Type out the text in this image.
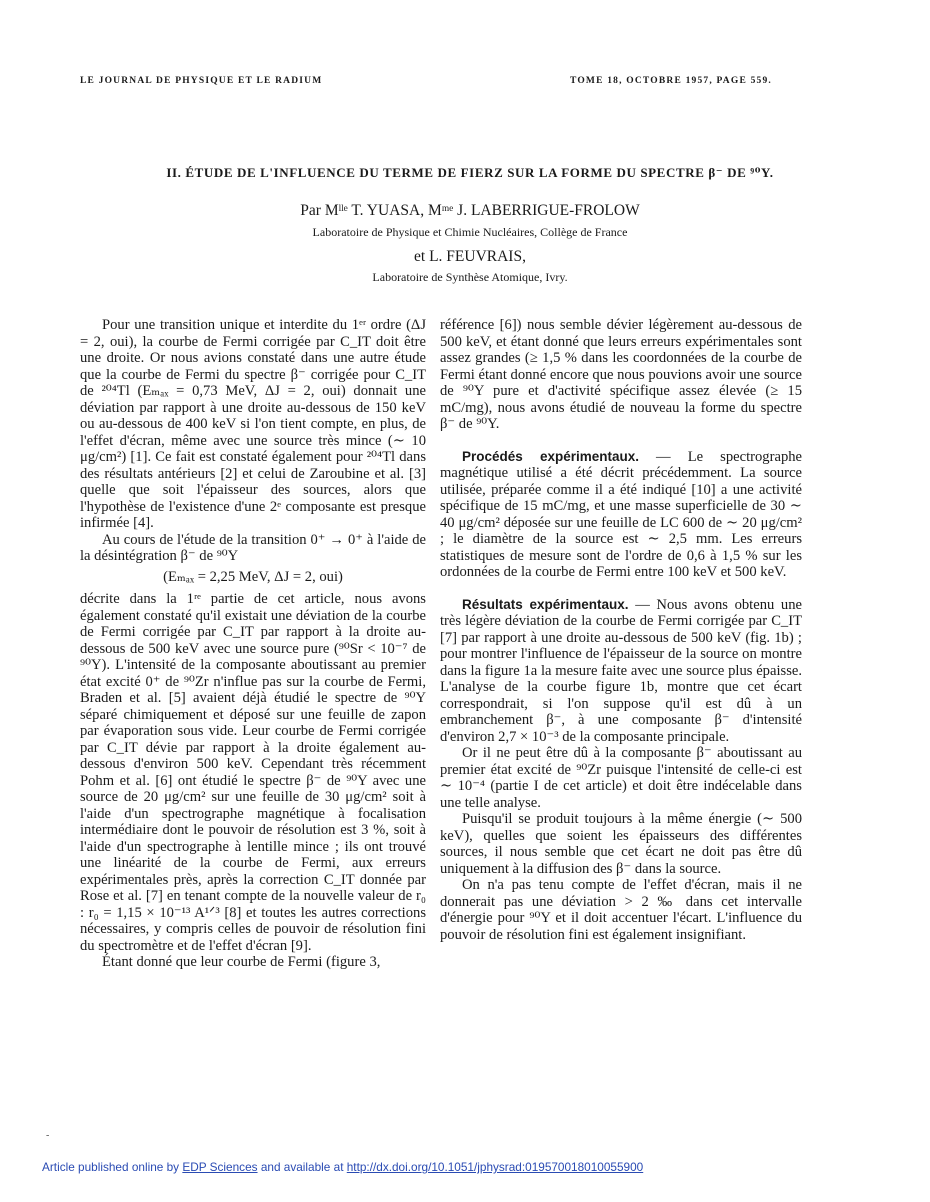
LE JOURNAL DE PHYSIQUE ET LE RADIUM	TOME 18, OCTOBRE 1957, PAGE 559.
II. ÉTUDE DE L'INFLUENCE DU TERME DE FIERZ SUR LA FORME DU SPECTRE β⁻ DE ⁹⁰Y.
Par Mˡˡᵉ T. YUASA, Mᵐᵉ J. LABERRIGUE-FROLOW
Laboratoire de Physique et Chimie Nucléaires, Collège de France
et L. FEUVRAIS,
Laboratoire de Synthèse Atomique, Ivry.

Pour une transition unique et interdite du 1ᵉʳ ordre (ΔJ = 2, oui), la courbe de Fermi corrigée par C_IT doit être une droite. Or nous avions constaté dans une autre étude que la courbe de Fermi du spectre β⁻ corrigée pour C_IT de ²⁰⁴Tl (Eₘₐₓ = 0,73 MeV, ΔJ = 2, oui) donnait une déviation par rapport à une droite au-dessous de 150 keV ou au-dessous de 400 keV si l'on tient compte, en plus, de l'effet d'écran, même avec une source très mince (∼ 10 μg/cm²) [1]. Ce fait est constaté également pour ²⁰⁴Tl dans des résultats antérieurs [2] et celui de Zaroubine et al. [3] quelle que soit l'épaisseur des sources, alors que l'hypothèse de l'existence d'une 2ᵉ composante est presque infirmée [4].

Au cours de l'étude de la transition 0⁺ → 0⁺ à l'aide de la désintégration β⁻ de ⁹⁰Y

(Eₘₐₓ = 2,25 MeV, ΔJ = 2, oui)

décrite dans la 1ʳᵉ partie de cet article, nous avons également constaté qu'il existait une déviation de la courbe de Fermi corrigée par C_IT par rapport à la droite au-dessous de 500 keV avec une source pure (⁹⁰Sr < 10⁻⁷ de ⁹⁰Y). L'intensité de la composante aboutissant au premier état excité 0⁺ de ⁹⁰Zr n'influe pas sur la courbe de Fermi, Braden et al. [5] avaient déjà étudié le spectre de ⁹⁰Y séparé chimiquement et déposé sur une feuille de zapon par évaporation sous vide. Leur courbe de Fermi corrigée par C_IT dévie par rapport à la droite également au-dessous d'environ 500 keV. Cependant très récemment Pohm et al. [6] ont étudié le spectre β⁻ de ⁹⁰Y avec une source de 20 μg/cm² sur une feuille de 30 μg/cm² soit à l'aide d'un spectrographe magnétique à focalisation intermédiaire dont le pouvoir de résolution est 3 %, soit à l'aide d'un spectrographe à lentille mince ; ils ont trouvé une linéarité de la courbe de Fermi, aux erreurs expérimentales près, après la correction C_IT donnée par Rose et al. [7] en tenant compte de la nouvelle valeur de r₀ : r₀ = 1,15 × 10⁻¹³ A¹ᐟ³ [8] et toutes les autres corrections nécessaires, y compris celles de pouvoir de résolution fini du spectromètre et de l'effet d'écran [9].

Étant donné que leur courbe de Fermi (figure 3,

référence [6]) nous semble dévier légèrement au-dessous de 500 keV, et étant donné que leurs erreurs expérimentales sont assez grandes (≥ 1,5 % dans les coordonnées de la courbe de Fermi étant donné encore que nous pouvions avoir une source de ⁹⁰Y pure et d'activité spécifique assez élevée (≥ 15 mC/mg), nous avons étudié de nouveau la forme du spectre β⁻ de ⁹⁰Y.

Procédés expérimentaux. — Le spectrographe magnétique utilisé a été décrit précédemment. La source utilisée, préparée comme il a été indiqué [10] a une activité spécifique de 15 mC/mg, et une masse superficielle de 30 ∼ 40 μg/cm² déposée sur une feuille de LC 600 de ∼ 20 μg/cm² ; le diamètre de la source est ∼ 2,5 mm. Les erreurs statistiques de mesure sont de l'ordre de 0,6 à 1,5 % sur les ordonnées de la courbe de Fermi entre 100 keV et 500 keV.

Résultats expérimentaux. — Nous avons obtenu une très légère déviation de la courbe de Fermi corrigée par C_IT [7] par rapport à une droite au-dessous de 500 keV (fig. 1b) ; pour montrer l'influence de l'épaisseur de la source on montre dans la figure 1a la mesure faite avec une source plus épaisse. L'analyse de la courbe figure 1b, montre que cet écart correspondrait, si l'on suppose qu'il est dû à un embranchement β⁻, à une composante β⁻ d'intensité d'environ 2,7 × 10⁻³ de la composante principale.

Or il ne peut être dû à la composante β⁻ aboutissant au premier état excité de ⁹⁰Zr puisque l'intensité de celle-ci est ∼ 10⁻⁴ (partie I de cet article) et doit être indécelable dans une telle analyse.

Puisqu'il se produit toujours à la même énergie (∼ 500 keV), quelles que soient les épaisseurs des différentes sources, il nous semble que cet écart ne doit pas être dû uniquement à la diffusion des β⁻ dans la source.

On n'a pas tenu compte de l'effet d'écran, mais il ne donnerait pas une déviation > 2 ‰ dans cet intervalle d'énergie pour ⁹⁰Y et il doit accentuer l'écart. L'influence du pouvoir de résolution fini est également insignifiant.

-
Article published online by EDP Sciences and available at http://dx.doi.org/10.1051/jphysrad:019570018010055900
